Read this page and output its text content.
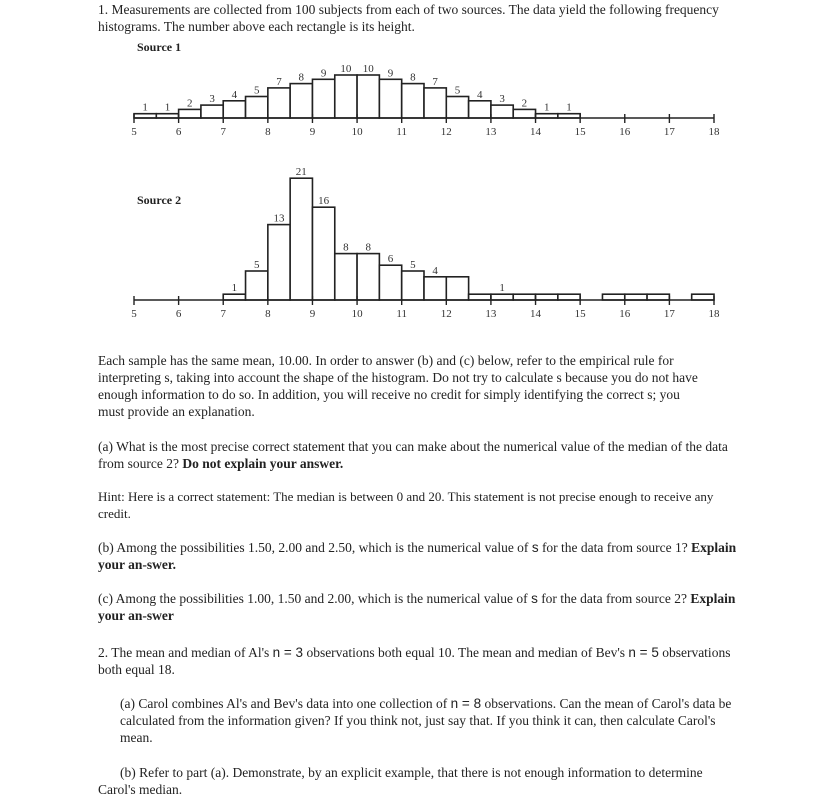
1. Measurements are collected from 100 subjects from each of two sources. The data yield the following frequency histograms. The number above each rectangle is its height.
Source 1
Source 2
1 1 2 3 4 5
7 8 9 10 10 9 8 7
5 4 3 2 1 1
5	6	7	8	9	10	11	12	13	14	15	16	17	18
1
5
13
21
16
8 8
6 5 4
1
5	6	7	8	9	10	11	12	13	14	15	16	17	18
Each sample has the same mean, 10.00. In order to answer (b) and (c) below, refer to the empirical rule for interpreting s, taking into account the shape of the histogram. Do not try to calculate s because you do not have enough information to do so. In addition, you will receive no credit for simply identifying the correct s; you must provide an explanation.
(a) What is the most precise correct statement that you can make about the numerical value of the median of the data from source 2? Do not explain your answer.
Hint: Here is a correct statement: The median is between 0 and 20. This statement is not precise enough to receive any credit.
(b) Among the possibilities 1.50, 2.00 and 2.50, which is the numerical value of s for the data from source 1? Explain your an-swer.
(c) Among the possibilities 1.00, 1.50 and 2.00, which is the numerical value of s for the data from source 2? Explain your an-swer
2. The mean and median of Al's n = 3 observations both equal 10. The mean and median of Bev's n = 5 observations both equal 18.
(a) Carol combines Al's and Bev's data into one collection of n = 8 observations. Can the mean of Carol's data be calculated from the information given? If you think not, just say that. If you think it can, then calculate Carol's mean.
(b) Refer to part (a). Demonstrate, by an explicit example, that there is not enough information to determine Carol's median.
